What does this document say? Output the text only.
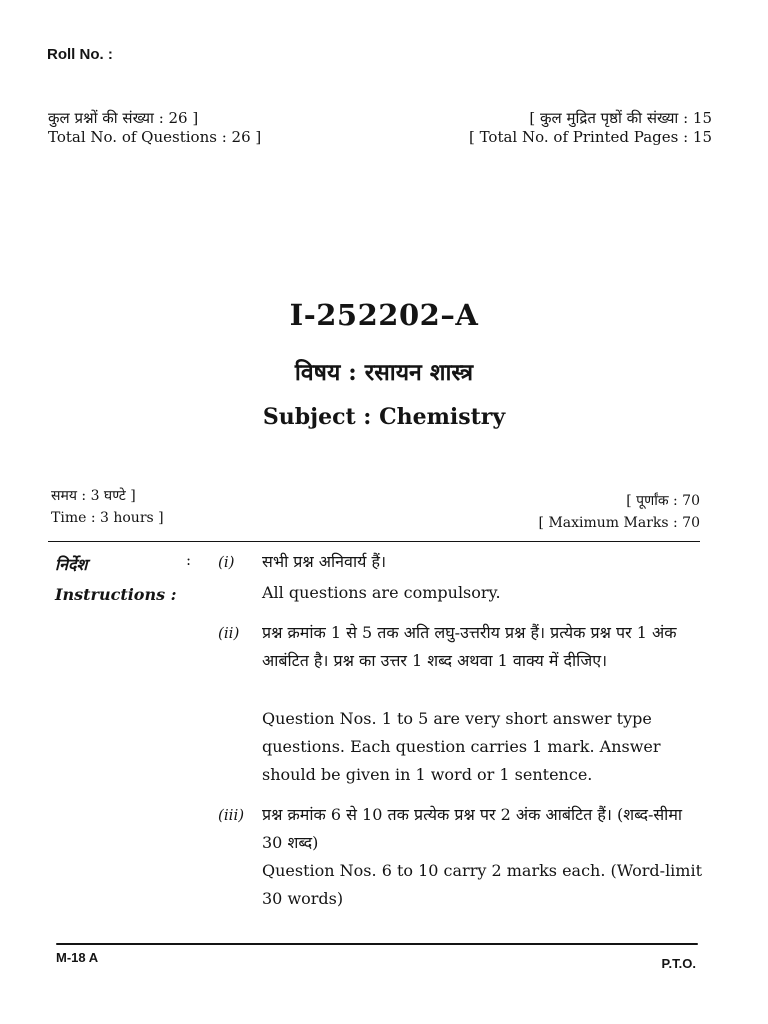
Roll No. :
कुल प्रश्नों की संख्या : 26 ]
Total No. of Questions : 26 ]
[ कुल मुद्रित पृष्ठों की संख्या : 15
[ Total No. of Printed Pages : 15
I-252202–A
विषय : रसायन शास्त्र
Subject : Chemistry
समय : 3 घण्टे ]
Time : 3 hours ]
[ पूर्णांक : 70
[ Maximum Marks : 70
निर्देश
Instructions :
: (i) सभी प्रश्न अनिवार्य हैं।
All questions are compulsory.
(ii) प्रश्न क्रमांक 1 से 5 तक अति लघु-उत्तरीय प्रश्न हैं। प्रत्येक प्रश्न पर 1 अंक आबंटित है। प्रश्न का उत्तर 1 शब्द अथवा 1 वाक्य में दीजिए।
Question Nos. 1 to 5 are very short answer type questions. Each question carries 1 mark. Answer should be given in 1 word or 1 sentence.
(iii) प्रश्न क्रमांक 6 से 10 तक प्रत्येक प्रश्न पर 2 अंक आबंटित हैं। (शब्द-सीमा 30 शब्द)
Question Nos. 6 to 10 carry 2 marks each. (Word-limit 30 words)
M-18 A	P.T.O.
